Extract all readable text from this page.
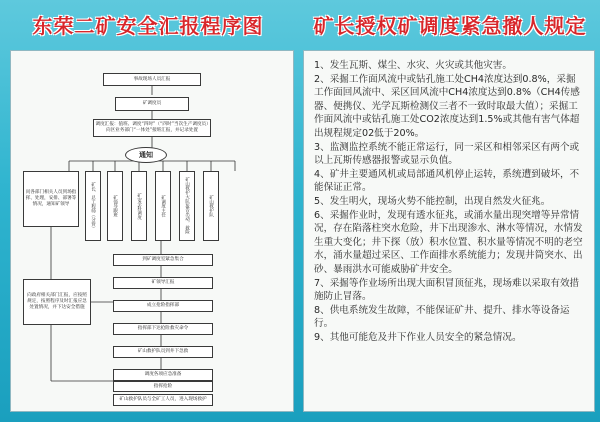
东荣二矿安全汇报程序图	矿长授权矿调度紧急撤人规定
事故现场人员汇报
矿调度员
调度汇报：值班、调度“四时”（“四时”当次生产调度员）向区业务部门“一体处”接班汇报，并记录处置
通知
问各部门相关人员到场指挥、处理，安排、部署等情况，通知矿领导	矿长、总工程师（分管）	矿领导跟班	矿安全科调度	矿调度主任	矿山救护大队报告出动，救险	矿山救护队
到矿调度室紧急集合
矿领导汇报
成立抢险指挥部
指挥部下达抢险救灾命令
矿山救护队员到井下急救
调度各项应急准备
向政府相关部门汇报，应按照规定，按照程序及时汇报应急处置情况，并下达安全措施
指挥抢险
矿山救护队员与全矿工人员，进入现场救护

1、发生瓦斯、煤尘、水灾、火灾或其他灾害。

2、采掘工作面风流中或钻孔施工处CH4浓度达到0.8%，采掘工作面回风流中、采区回风流中CH4浓度达到0.8%（CH4传感器、便携仪、光学瓦斯检测仪三者不一致时取最大值）；采掘工作面风流中或钻孔施工处CO2浓度达到1.5%或其他有害气体超出规程规定02低于20%。

3、监测监控系统不能正常运行，同一采区和相邻采区有两个或以上瓦斯传感器报警或显示负值。

4、矿井主要通风机或局部通风机停止运转，系统遭到破坏，不能保证正常。

5、发生明火，现场火势不能控制，出现自然发火征兆。

6、采掘作业时，发现有透水征兆，或涌水量出现突增等异常情况，存在陷落柱突水危险，井下出现渗水、淋水等情况，水情发生重大变化；井下探（放）积水位置、积水量等情况不明的老空水，涌水量超过采区、工作面排水系统能力；发现井筒突水、出砂、暴雨洪水可能威胁矿井安全。

7、采掘等作业场所出现大面积冒顶征兆，现场难以采取有效措施防止冒落。

8、供电系统发生故障，不能保证矿井、提升、排水等设备运行。

9、其他可能危及井下作业人员安全的紧急情况。
